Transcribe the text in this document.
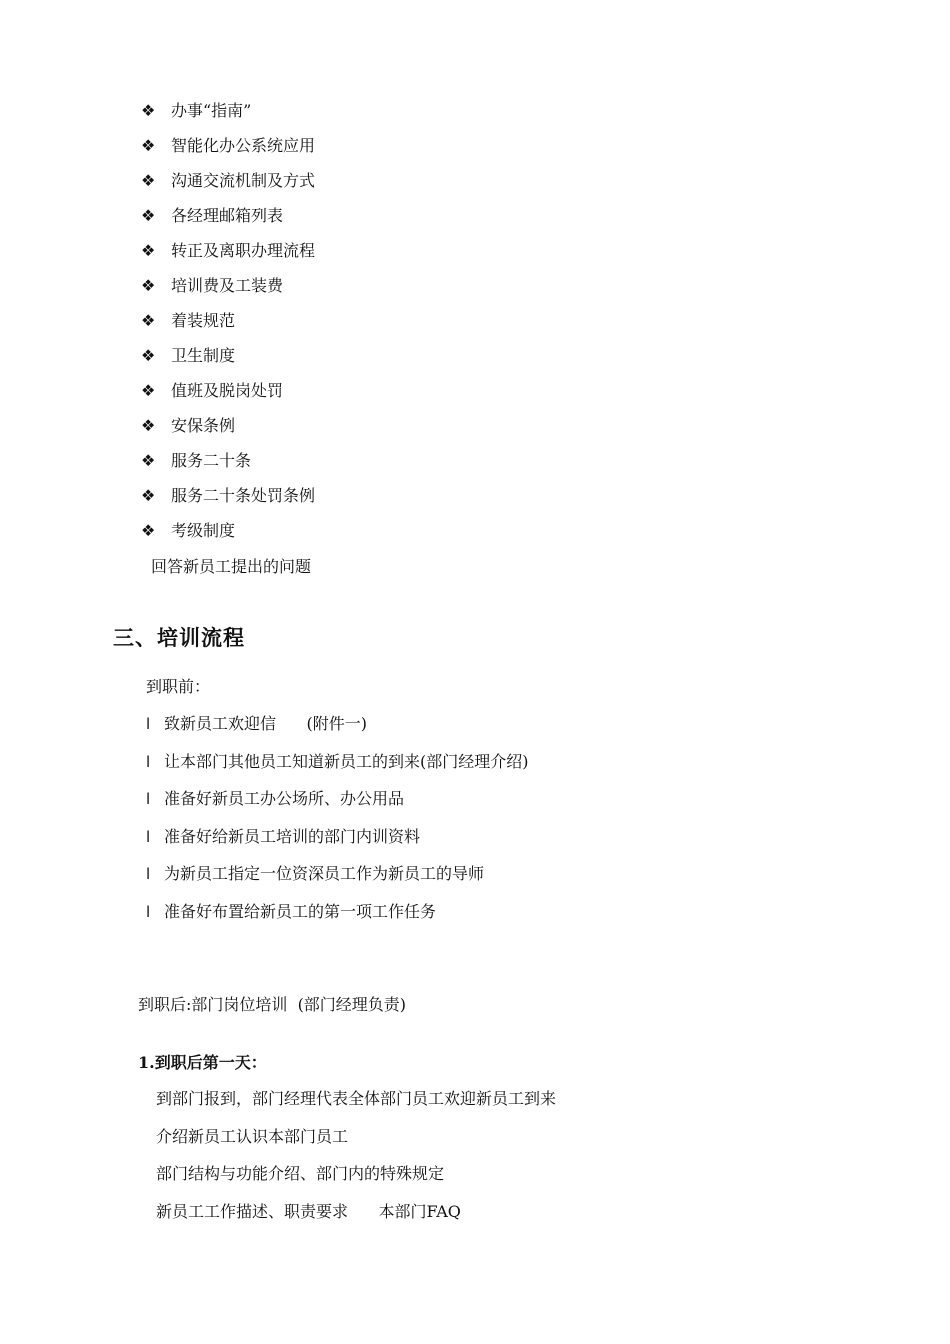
❖ 办事“指南”
❖ 智能化办公系统应用
❖ 沟通交流机制及方式
❖ 各经理邮箱列表
❖ 转正及离职办理流程
❖ 培训费及工装费
❖ 着装规范
❖ 卫生制度
❖ 值班及脱岗处罚
❖ 安保条例
❖ 服务二十条
❖ 服务二十条处罚条例
❖ 考级制度
回答新员工提出的问题
三、培训流程
到职前：
l 致新员工欢迎信      (附件一)
l 让本部门其他员工知道新员工的到来(部门经理介绍)
l 准备好新员工办公场所、办公用品
l 准备好给新员工培训的部门内训资料
l 为新员工指定一位资深员工作为新员工的导师
l 准备好布置给新员工的第一项工作任务
到职后:部门岗位培训  (部门经理负责)
1.到职后第一天：
到部门报到，部门经理代表全体部门员工欢迎新员工到来
介绍新员工认识本部门员工
部门结构与功能介绍、部门内的特殊规定
新员工工作描述、职责要求      本部门FAQ
